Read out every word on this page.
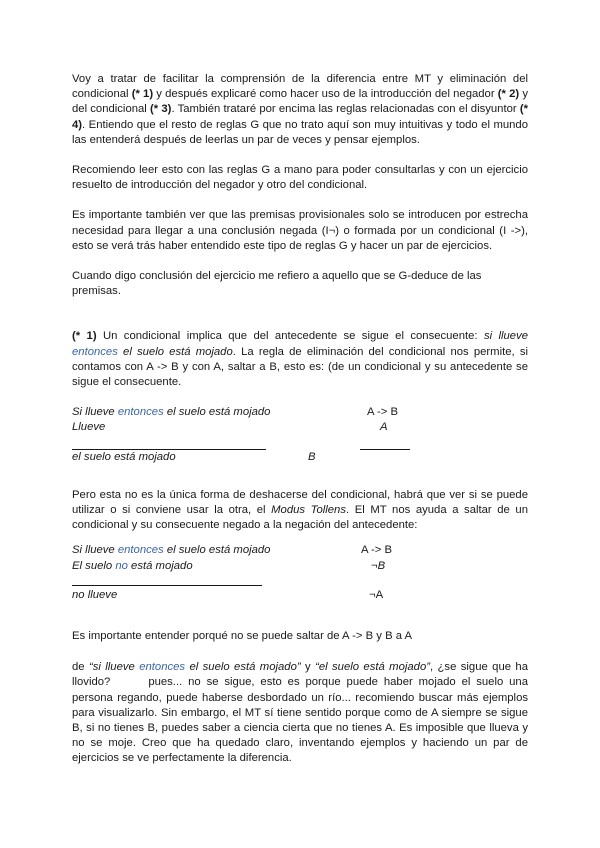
Voy a tratar de facilitar la comprensión de la diferencia entre MT y eliminación del condicional (* 1) y después explicaré como hacer uso de la introducción del negador (* 2) y del condicional (* 3). También trataré por encima las reglas relacionadas con el disyuntor (* 4). Entiendo que el resto de reglas G que no trato aquí son muy intuitivas y todo el mundo las entenderá después de leerlas un par de veces y pensar ejemplos.

Recomiendo leer esto con las reglas G a mano para poder consultarlas y con un ejercicio resuelto de introducción del negador y otro del condicional.

Es importante también ver que las premisas provisionales solo se introducen por estrecha necesidad para llegar a una conclusión negada (I¬) o formada por un condicional (I ->), esto se verá trás haber entendido este tipo de reglas G y hacer un par de ejercicios.

Cuando digo conclusión del ejercicio me refiero a aquello que se G-deduce de las premisas.

(* 1) Un condicional implica que del antecedente se sigue el consecuente: si llueve entonces el suelo está mojado. La regla de eliminación del condicional nos permite, si contamos con A -> B y con A, saltar a B, esto es: (de un condicional y su antecedente se sigue el consecuente.

Si llueve entonces el suelo está mojado	A -> B
Llueve	A
el suelo está mojado	B

Pero esta no es la única forma de deshacerse del condicional, habrá que ver si se puede utilizar o si conviene usar la otra, el Modus Tollens. El MT nos ayuda a saltar de un condicional y su consecuente negado a la negación del antecedente:

Si llueve entonces el suelo está mojado	A -> B
El suelo no está mojado	¬B
no llueve	¬A

Es importante entender porqué no se puede saltar de A -> B y B a A

de “si llueve entonces el suelo está mojado” y “el suelo está mojado”, ¿se sigue que ha llovido?	pues... no se sigue, esto es porque puede haber mojado el suelo una persona regando, puede haberse desbordado un río... recomiendo buscar más ejemplos para visualizarlo. Sin embargo, el MT sí tiene sentido porque como de A siempre se sigue B, si no tienes B, puedes saber a ciencia cierta que no tienes A. Es imposible que llueva y no se moje. Creo que ha quedado claro, inventando ejemplos y haciendo un par de ejercicios se ve perfectamente la diferencia.
